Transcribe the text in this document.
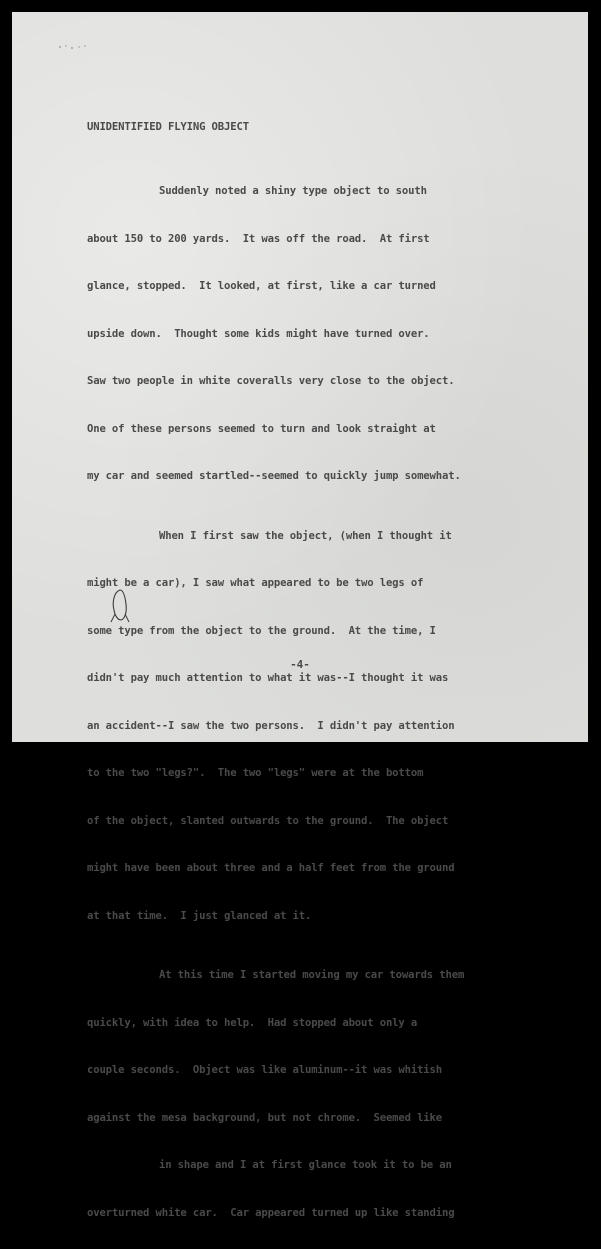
UNIDENTIFIED FLYING OBJECT

Suddenly noted a shiny type object to south

about 150 to 200 yards.  It was off the road.  At first

glance, stopped.  It looked, at first, like a car turned

upside down.  Thought some kids might have turned over.

Saw two people in white coveralls very close to the object.

One of these persons seemed to turn and look straight at

my car and seemed startled--seemed to quickly jump somewhat.

When I first saw the object, (when I thought it

might be a car), I saw what appeared to be two legs of

some type from the object to the ground.  At the time, I

didn't pay much attention to what it was--I thought it was

an accident--I saw the two persons.  I didn't pay attention

to the two "legs?".  The two "legs" were at the bottom

of the object, slanted outwards to the ground.  The object

might have been about three and a half feet from the ground

at that time.  I just glanced at it.

At this time I started moving my car towards them

quickly, with idea to help.  Had stopped about only a

couple seconds.  Object was like aluminum--it was whitish

against the mesa background, but not chrome.  Seemed like

in shape and I at first glance took it to be an

overturned white car.  Car appeared turned up like standing

-4-
